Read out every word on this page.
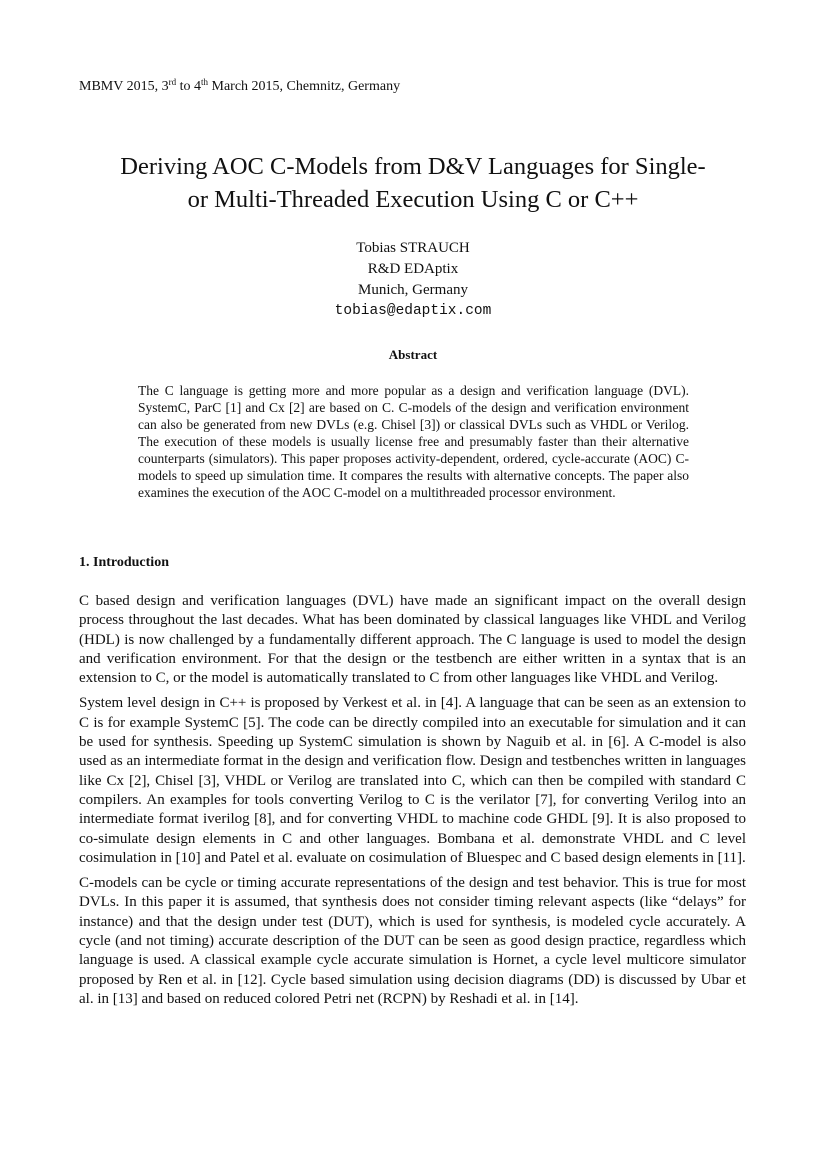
MBMV 2015, 3rd to 4th March 2015, Chemnitz, Germany
Deriving AOC C-Models from D&V Languages for Single-
or Multi-Threaded Execution Using C or C++
Tobias STRAUCH
R&D EDAptix
Munich, Germany
tobias@edaptix.com
Abstract
The C language is getting more and more popular as a design and verification language (DVL). SystemC, ParC [1] and Cx [2] are based on C. C-models of the design and verification environment can also be generated from new DVLs (e.g. Chisel [3]) or classical DVLs such as VHDL or Verilog. The execution of these models is usually license free and presumably faster than their alternative counterparts (simulators). This paper proposes activity-dependent, ordered, cycle-accurate (AOC) C-models to speed up simulation time. It compares the results with alternative concepts. The paper also examines the execution of the AOC C-model on a multithreaded processor environment.
1. Introduction

C based design and verification languages (DVL) have made an significant impact on the overall design process throughout the last decades. What has been dominated by classical languages like VHDL and Verilog (HDL) is now challenged by a fundamentally different approach. The C language is used to model the design and verification environment. For that the design or the testbench are either written in a syntax that is an extension to C, or the model is automatically translated to C from other languages like VHDL and Verilog.

System level design in C++ is proposed by Verkest et al. in [4]. A language that can be seen as an extension to C is for example SystemC [5]. The code can be directly compiled into an executable for simulation and it can be used for synthesis. Speeding up SystemC simulation is shown by Naguib et al. in [6]. A C-model is also used as an intermediate format in the design and verification flow. Design and testbenches written in languages like Cx [2], Chisel [3], VHDL or Verilog are translated into C, which can then be compiled with standard C compilers. An examples for tools converting Verilog to C is the verilator [7], for converting Verilog into an intermediate format iverilog [8], and for converting VHDL to machine code GHDL [9]. It is also proposed to co-simulate design elements in C and other languages. Bombana et al. demonstrate VHDL and C level cosimulation in [10] and Patel et al. evaluate on cosimulation of Bluespec and C based design elements in [11].

C-models can be cycle or timing accurate representations of the design and test behavior. This is true for most DVLs. In this paper it is assumed, that synthesis does not consider timing relevant aspects (like “delays” for instance) and that the design under test (DUT), which is used for synthesis, is modeled cycle accurately. A cycle (and not timing) accurate description of the DUT can be seen as good design practice, regardless which language is used. A classical example cycle accurate simulation is Hornet, a cycle level multicore simulator proposed by Ren et al. in [12]. Cycle based simulation using decision diagrams (DD) is discussed by Ubar et al. in [13] and based on reduced colored Petri net (RCPN) by Reshadi et al. in [14].
